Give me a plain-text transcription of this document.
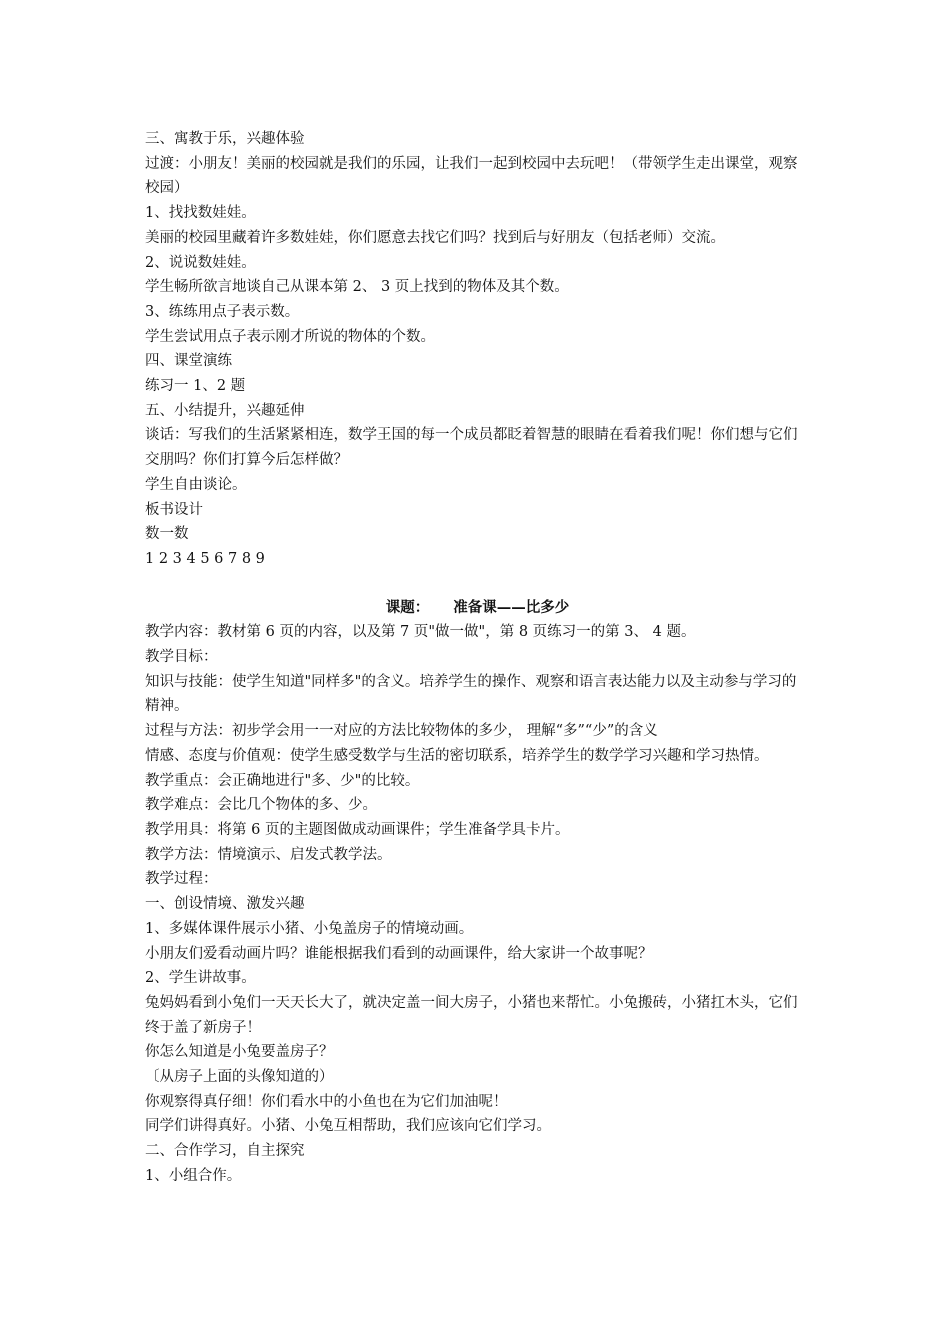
三、寓教于乐，兴趣体验
过渡：小朋友！美丽的校园就是我们的乐园，让我们一起到校园中去玩吧！（带领学生走出课堂，观察校园）
1、找找数娃娃。
美丽的校园里藏着许多数娃娃，你们愿意去找它们吗？找到后与好朋友（包括老师）交流。
2、说说数娃娃。
学生畅所欲言地谈自己从课本第 2、 3 页上找到的物体及其个数。
3、练练用点子表示数。
学生尝试用点子表示刚才所说的物体的个数。
四、课堂演练
练习一 1、2 题
五、小结提升，兴趣延伸
谈话：写我们的生活紧紧相连，数学王国的每一个成员都眨着智慧的眼睛在看着我们呢！你们想与它们交朋吗？你们打算今后怎样做？
学生自由谈论。
板书设计
数一数
1 2 3 4 5 6 7 8 9
课题： 准备课——比多少
教学内容：教材第 6 页的内容，以及第 7 页"做一做"，第 8 页练习一的第 3、 4 题。
教学目标：
知识与技能：使学生知道"同样多"的含义。培养学生的操作、观察和语言表达能力以及主动参与学习的精神。
过程与方法：初步学会用一一对应的方法比较物体的多少， 理解“多”“少”的含义
情感、态度与价值观：使学生感受数学与生活的密切联系，培养学生的数学学习兴趣和学习热情。
教学重点：会正确地进行"多、少"的比较。
教学难点：会比几个物体的多、少。
教学用具：将第 6 页的主题图做成动画课件；学生准备学具卡片。
教学方法：情境演示、启发式教学法。
教学过程：
一、创设情境、激发兴趣
1、多媒体课件展示小猪、小兔盖房子的情境动画。
小朋友们爱看动画片吗？谁能根据我们看到的动画课件，给大家讲一个故事呢？
2、学生讲故事。
兔妈妈看到小兔们一天天长大了，就决定盖一间大房子，小猪也来帮忙。小兔搬砖，小猪扛木头，它们终于盖了新房子！
你怎么知道是小兔要盖房子？
〔从房子上面的头像知道的）
你观察得真仔细！你们看水中的小鱼也在为它们加油呢！
同学们讲得真好。小猪、小兔互相帮助，我们应该向它们学习。
二、合作学习，自主探究
1、小组合作。
